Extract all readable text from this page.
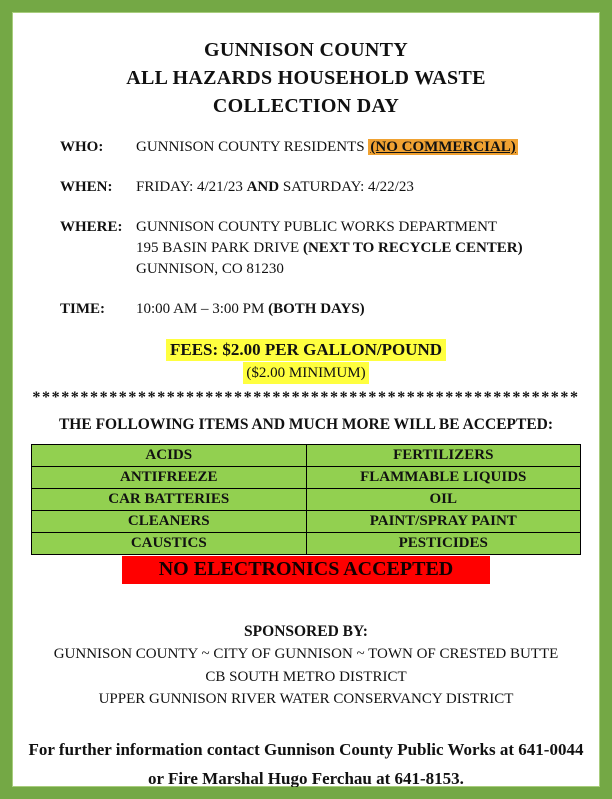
GUNNISON COUNTY
ALL HAZARDS HOUSEHOLD WASTE
COLLECTION DAY
WHO:	GUNNISON COUNTY RESIDENTS (NO COMMERCIAL)
WHEN:	FRIDAY: 4/21/23 AND SATURDAY: 4/22/23
WHERE: GUNNISON COUNTY PUBLIC WORKS DEPARTMENT
195 BASIN PARK DRIVE (NEXT TO RECYCLE CENTER)
GUNNISON, CO 81230
TIME:	10:00 AM – 3:00 PM (BOTH DAYS)
FEES: $2.00 PER GALLON/POUND
($2.00 MINIMUM)
*********************************************************
THE FOLLOWING ITEMS AND MUCH MORE WILL BE ACCEPTED:
ACIDS	FERTILIZERS
ANTIFREEZE	FLAMMABLE LIQUIDS
CAR BATTERIES	OIL
CLEANERS	PAINT/SPRAY PAINT
CAUSTICS	PESTICIDES
NO ELECTRONICS ACCEPTED
SPONSORED BY:
GUNNISON COUNTY ~ CITY OF GUNNISON ~ TOWN OF CRESTED BUTTE
CB SOUTH METRO DISTRICT
UPPER GUNNISON RIVER WATER CONSERVANCY DISTRICT
For further information contact Gunnison County Public Works at 641-0044 or Fire Marshal Hugo Ferchau at 641-8153.
